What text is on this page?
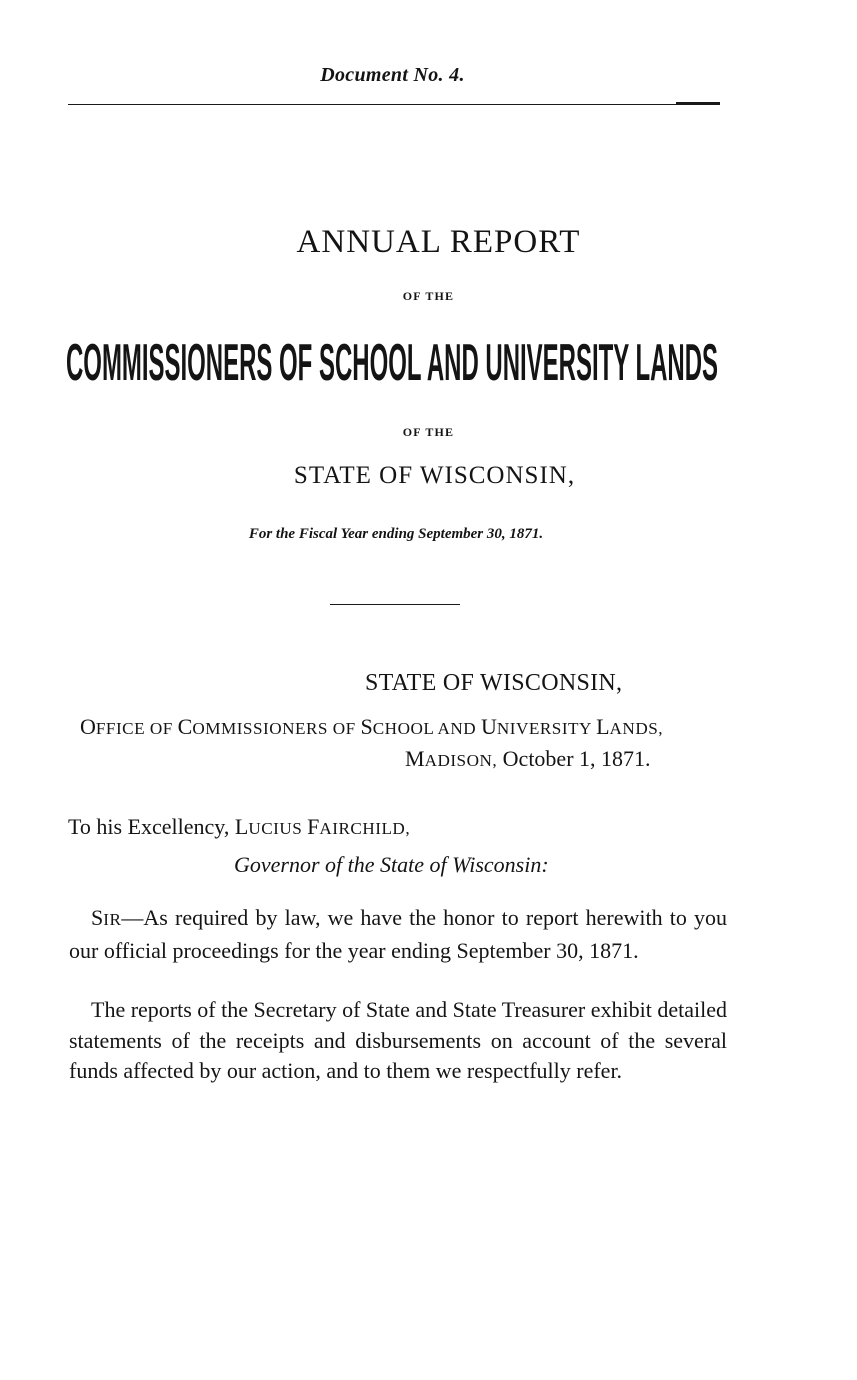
Document No. 4.
ANNUAL REPORT
OF THE
COMMISSIONERS OF SCHOOL AND UNIVERSITY LANDS
OF THE
STATE OF WISCONSIN,
For the Fiscal Year ending September 30, 1871.
STATE OF WISCONSIN,
OFFICE OF COMMISSIONERS OF SCHOOL AND UNIVERSITY LANDS,
MADISON, October 1, 1871.
To his Excellency, LUCIUS FAIRCHILD,
Governor of the State of Wisconsin:

SIR—As required by law, we have the honor to report herewith to you our official proceedings for the year ending September 30, 1871.

The reports of the Secretary of State and State Treasurer exhibit detailed statements of the receipts and disbursements on account of the several funds affected by our action, and to them we respectfully refer.
